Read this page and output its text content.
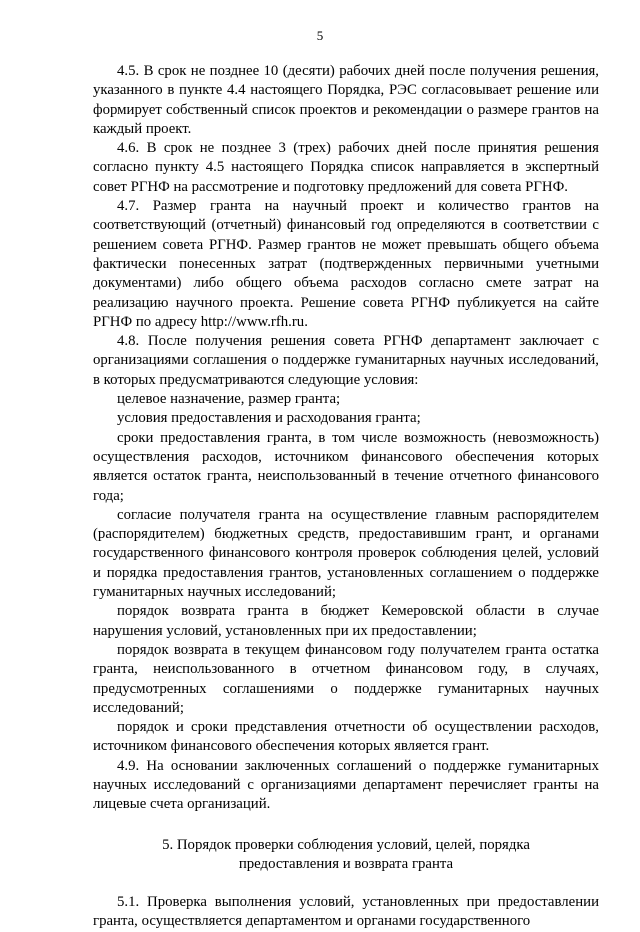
5

4.5. В срок не позднее 10 (десяти) рабочих дней после получения решения, указанного в пункте 4.4 настоящего Порядка, РЭС согласовывает решение или формирует собственный список проектов и рекомендации о размере грантов на каждый проект.

4.6. В срок не позднее 3 (трех) рабочих дней после принятия решения согласно пункту 4.5 настоящего Порядка список направляется в экспертный совет РГНФ на рассмотрение и подготовку предложений для совета РГНФ.

4.7. Размер гранта на научный проект и количество грантов на соответствующий (отчетный) финансовый год определяются в соответствии с решением совета РГНФ. Размер грантов не может превышать общего объема фактически понесенных затрат (подтвержденных первичными учетными документами) либо общего объема расходов согласно смете затрат на реализацию научного проекта. Решение совета РГНФ публикуется на сайте РГНФ по адресу http://www.rfh.ru.

4.8. После получения решения совета РГНФ департамент заключает с организациями соглашения о поддержке гуманитарных научных исследований, в которых предусматриваются следующие условия:

целевое назначение, размер гранта;

условия предоставления и расходования гранта;

сроки предоставления гранта, в том числе возможность (невозможность) осуществления расходов, источником финансового обеспечения которых является остаток гранта, неиспользованный в течение отчетного финансового года;

согласие получателя гранта на осуществление главным распорядителем (распорядителем) бюджетных средств, предоставившим грант, и органами государственного финансового контроля проверок соблюдения целей, условий и порядка предоставления грантов, установленных соглашением о поддержке гуманитарных научных исследований;

порядок возврата гранта в бюджет Кемеровской области в случае нарушения условий, установленных при их предоставлении;

порядок возврата в текущем финансовом году получателем гранта остатка гранта, неиспользованного в отчетном финансовом году, в случаях, предусмотренных соглашениями о поддержке гуманитарных научных исследований;

порядок и сроки представления отчетности об осуществлении расходов, источником финансового обеспечения которых является грант.

4.9. На основании заключенных соглашений о поддержке гуманитарных научных исследований с организациями департамент перечисляет гранты на лицевые счета организаций.

5. Порядок проверки соблюдения условий, целей, порядка
предоставления и возврата гранта

5.1. Проверка выполнения условий, установленных при предоставлении гранта, осуществляется департаментом и органами государственного
